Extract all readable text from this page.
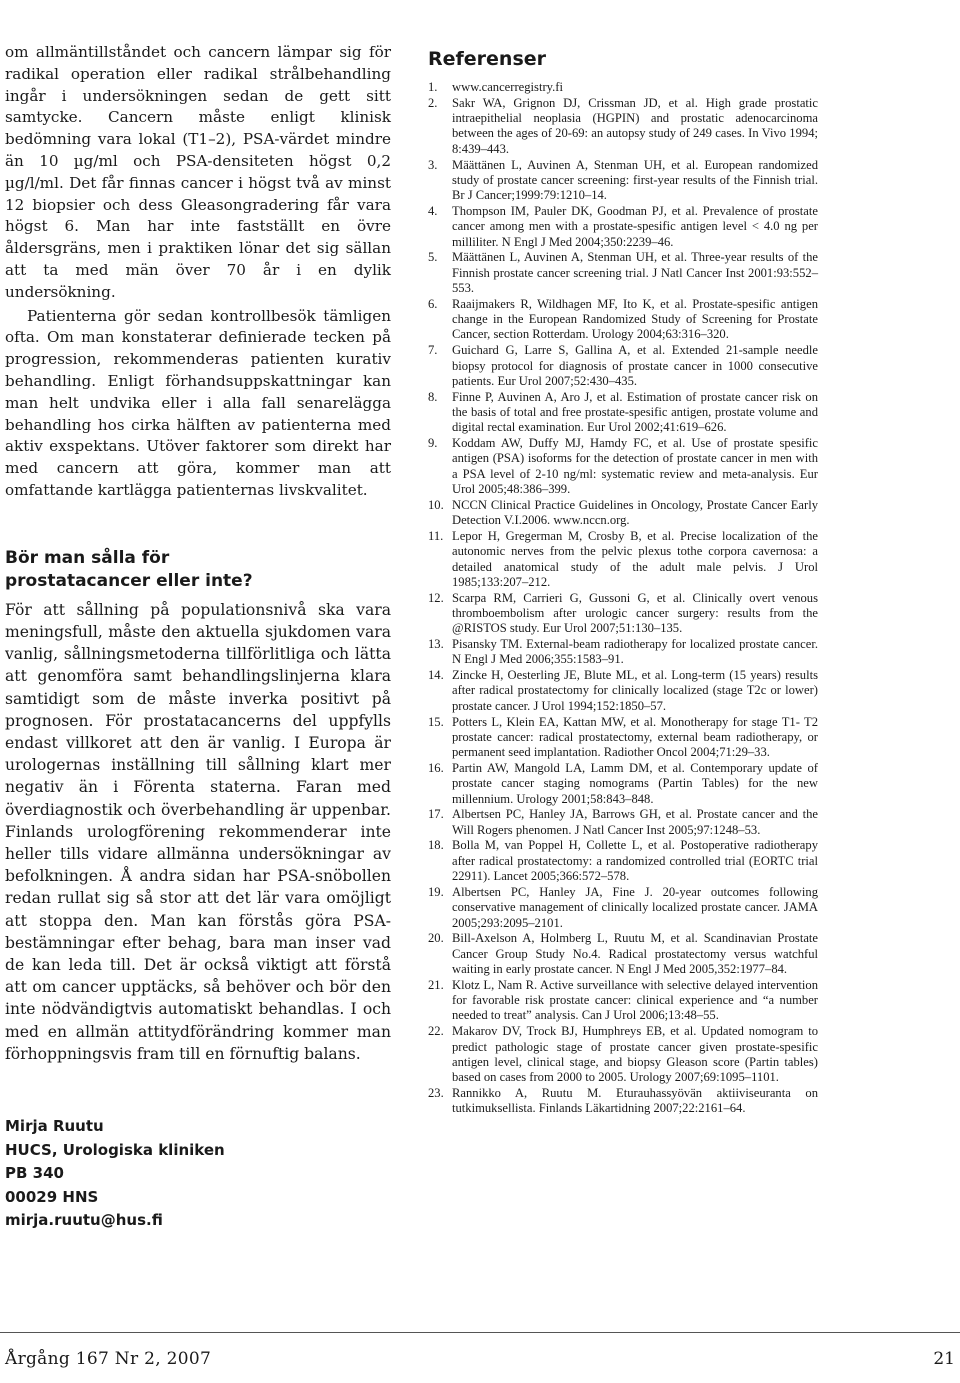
om allmäntillståndet och cancern lämpar sig för radikal operation eller radikal strålbehandling ingår i undersökningen sedan de gett sitt samtycke. Cancern måste enligt klinisk bedömning vara lokal (T1–2), PSA-värdet mindre än 10 µg/ml och PSA-densiteten högst 0,2 µg/l/ml. Det får finnas cancer i högst två av minst 12 biopsier och dess Gleasongradering får vara högst 6. Man har inte fastställt en övre åldersgräns, men i praktiken lönar det sig sällan att ta med män över 70 år i en dylik undersökning.

Patienterna gör sedan kontrollbesök tämligen ofta. Om man konstaterar definierade tecken på progression, rekommenderas patienten kurativ behandling. Enligt förhandsuppskattningar kan man helt undvika eller i alla fall senarelägga behandling hos cirka hälften av patienterna med aktiv exspektans. Utöver faktorer som direkt har med cancern att göra, kommer man att omfattande kartlägga patienternas livskvalitet.

Bör man sålla för
prostatacancer eller inte?

För att sållning på populationsnivå ska vara meningsfull, måste den aktuella sjukdomen vara vanlig, sållningsmetoderna tillförlitliga och lätta att genomföra samt behandlingslinjerna klara samtidigt som de måste inverka positivt på prognosen. För prostatacancerns del uppfylls endast villkoret att den är vanlig. I Europa är urologernas inställning till sållning klart mer negativ än i Förenta staterna. Faran med överdiagnostik och överbehandling är uppenbar. Finlands urologförening rekommenderar inte heller tills vidare allmänna undersökningar av befolkningen. Å andra sidan har PSA-snöbollen redan rullat sig så stor att det lär vara omöjligt att stoppa den. Man kan förstås göra PSA-bestämningar efter behag, bara man inser vad de kan leda till. Det är också viktigt att förstå att om cancer upptäcks, så behöver och bör den inte nödvändigtvis automatiskt behandlas. I och med en allmän attitydförändring kommer man förhoppningsvis fram till en förnuftig balans.

Mirja Ruutu
HUCS, Urologiska kliniken
PB 340
00029 HNS
mirja.ruutu@hus.fi
Referenser
1. www.cancerregistry.fi
2. Sakr WA, Grignon DJ, Crissman JD, et al. High grade prostatic intraepithelial neoplasia (HGPIN) and prostatic adenocarcinoma between the ages of 20-69: an autopsy study of 249 cases. In Vivo 1994; 8:439–443.
3. Määttänen L, Auvinen A, Stenman UH, et al. European randomized study of prostate cancer screening: first-year results of the Finnish trial. Br J Cancer;1999:79:1210–14.
4. Thompson IM, Pauler DK, Goodman PJ, et al. Prevalence of prostate cancer among men with a prostate-spesific antigen level < 4.0 ng per milliliter. N Engl J Med 2004;350:2239–46.
5. Määttänen L, Auvinen A, Stenman UH, et al. Three-year results of the Finnish prostate cancer screening trial. J Natl Cancer Inst 2001:93:552–553.
6. Raaijmakers R, Wildhagen MF, Ito K, et al. Prostate-spesific antigen change in the European Randomized Study of Screening for Prostate Cancer, section Rotterdam. Urology 2004;63:316–320.
7. Guichard G, Larre S, Gallina A, et al. Extended 21-sample needle biopsy protocol for diagnosis of prostate cancer in 1000 consecutive patients. Eur Urol 2007;52:430–435.
8. Finne P, Auvinen A, Aro J, et al. Estimation of prostate cancer risk on the basis of total and free prostate-spesific antigen, prostate volume and digital rectal examination. Eur Urol 2002;41:619–626.
9. Koddam AW, Duffy MJ, Hamdy FC, et al. Use of prostate spesific antigen (PSA) isoforms for the detection of prostate cancer in men with a PSA level of 2-10 ng/ml: systematic review and meta-analysis. Eur Urol 2005;48:386–399.
10. NCCN Clinical Practice Guidelines in Oncology, Prostate Cancer Early Detection V.I.2006. www.nccn.org.
11. Lepor H, Gregerman M, Crosby B, et al. Precise localization of the autonomic nerves from the pelvic plexus tothe corpora cavernosa: a detailed anatomical study of the adult male pelvis. J Urol 1985;133:207–212.
12. Scarpa RM, Carrieri G, Gussoni G, et al. Clinically overt venous thromboembolism after urologic cancer surgery: results from the @RISTOS study. Eur Urol 2007;51:130–135.
13. Pisansky TM. External-beam radiotherapy for localized prostate cancer. N Engl J Med 2006;355:1583–91.
14. Zincke H, Oesterling JE, Blute ML, et al. Long-term (15 years) results after radical prostatectomy for clinically localized (stage T2c or lower) prostate cancer. J Urol 1994;152:1850–57.
15. Potters L, Klein EA, Kattan MW, et al. Monotherapy for stage T1- T2 prostate cancer: radical prostatectomy, external beam radiotherapy, or permanent seed implantation. Radiother Oncol 2004;71:29–33.
16. Partin AW, Mangold LA, Lamm DM, et al. Contemporary update of prostate cancer staging nomograms (Partin Tables) for the new millennium. Urology 2001;58:843–848.
17. Albertsen PC, Hanley JA, Barrows GH, et al. Prostate cancer and the Will Rogers phenomen. J Natl Cancer Inst 2005;97:1248–53.
18. Bolla M, van Poppel H, Collette L, et al. Postoperative radiotherapy after radical prostatectomy: a randomized controlled trial (EORTC trial 22911). Lancet 2005;366:572–578.
19. Albertsen PC, Hanley JA, Fine J. 20-year outcomes following conservative management of clinically localized prostate cancer. JAMA 2005;293:2095–2101.
20. Bill-Axelson A, Holmberg L, Ruutu M, et al. Scandinavian Prostate Cancer Group Study No.4. Radical prostatectomy versus watchful waiting in early prostate cancer. N Engl J Med 2005,352:1977–84.
21. Klotz L, Nam R. Active surveillance with selective delayed intervention for favorable risk prostate cancer: clinical experience and “a number needed to treat” analysis. Can J Urol 2006;13:48–55.
22. Makarov DV, Trock BJ, Humphreys EB, et al. Updated nomogram to predict pathologic stage of prostate cancer given prostate-spesific antigen level, clinical stage, and biopsy Gleason score (Partin tables) based on cases from 2000 to 2005. Urology 2007;69:1095–1101.
23. Rannikko A, Ruutu M. Eturauhassyövän aktiiviseuranta on tutkimuksellista. Finlands Läkartidning 2007;22:2161–64.
Årgång 167 Nr 2, 2007	21
